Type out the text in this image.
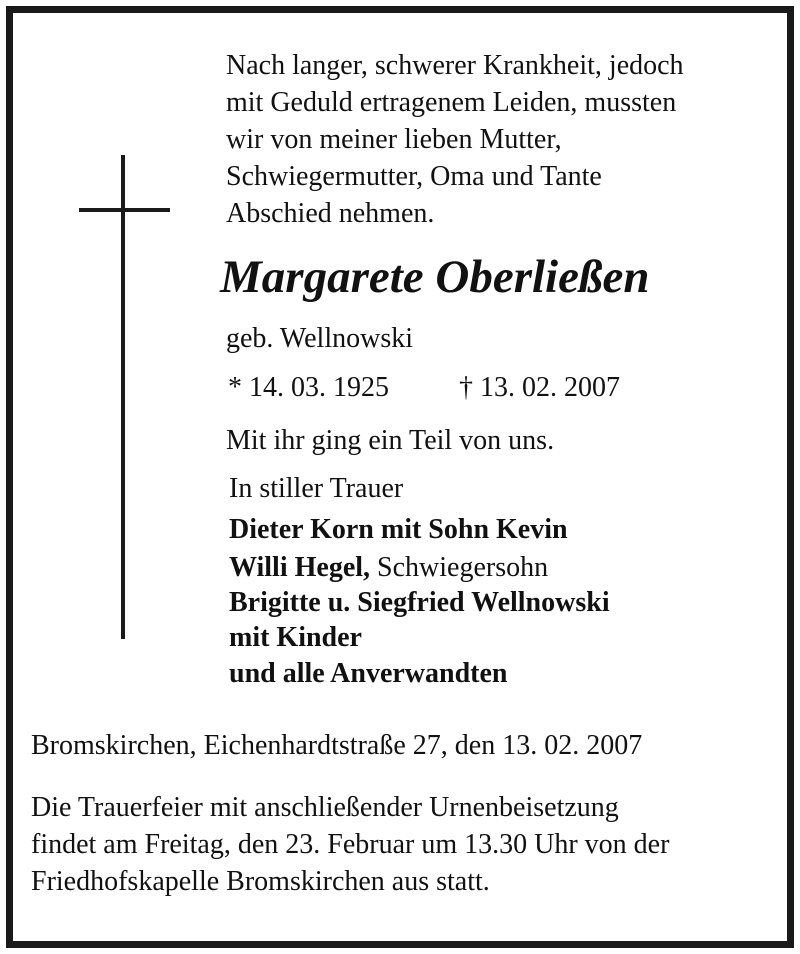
Nach langer, schwerer Krankheit, jedoch
mit Geduld ertragenem Leiden, mussten
wir von meiner lieben Mutter,
Schwiegermutter, Oma und Tante
Abschied nehmen.

Margarete Oberließen

geb. Wellnowski

* 14. 03. 1925	† 13. 02. 2007

Mit ihr ging ein Teil von uns.

In stiller Trauer

Dieter Korn mit Sohn Kevin

Willi Hegel, Schwiegersohn

Brigitte u. Siegfried Wellnowski

mit Kinder

und alle Anverwandten

Bromskirchen, Eichenhardtstraße 27, den 13. 02. 2007

Die Trauerfeier mit anschließender Urnenbeisetzung
findet am Freitag, den 23. Februar um 13.30 Uhr von der
Friedhofskapelle Bromskirchen aus statt.
